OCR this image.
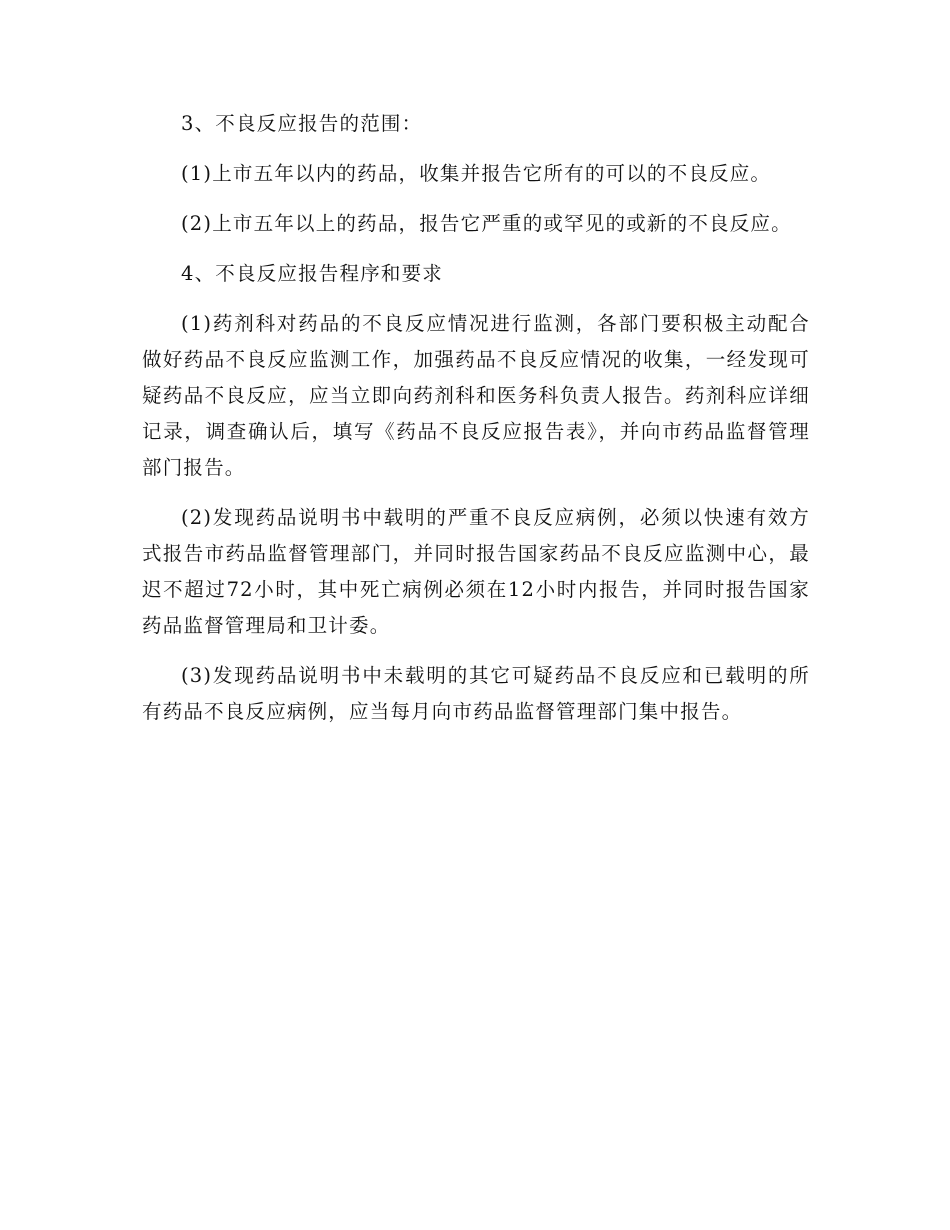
3、不良反应报告的范围：

(1)上市五年以内的药品，收集并报告它所有的可以的不良反应。

(2)上市五年以上的药品，报告它严重的或罕见的或新的不良反应。

4、不良反应报告程序和要求

(1)药剂科对药品的不良反应情况进行监测，各部门要积极主动配合做好药品不良反应监测工作，加强药品不良反应情况的收集，一经发现可疑药品不良反应，应当立即向药剂科和医务科负责人报告。药剂科应详细记录，调查确认后，填写《药品不良反应报告表》，并向市药品监督管理部门报告。

(2)发现药品说明书中载明的严重不良反应病例，必须以快速有效方式报告市药品监督管理部门，并同时报告国家药品不良反应监测中心，最迟不超过72小时，其中死亡病例必须在12小时内报告，并同时报告国家药品监督管理局和卫计委。

(3)发现药品说明书中未载明的其它可疑药品不良反应和已载明的所有药品不良反应病例，应当每月向市药品监督管理部门集中报告。
